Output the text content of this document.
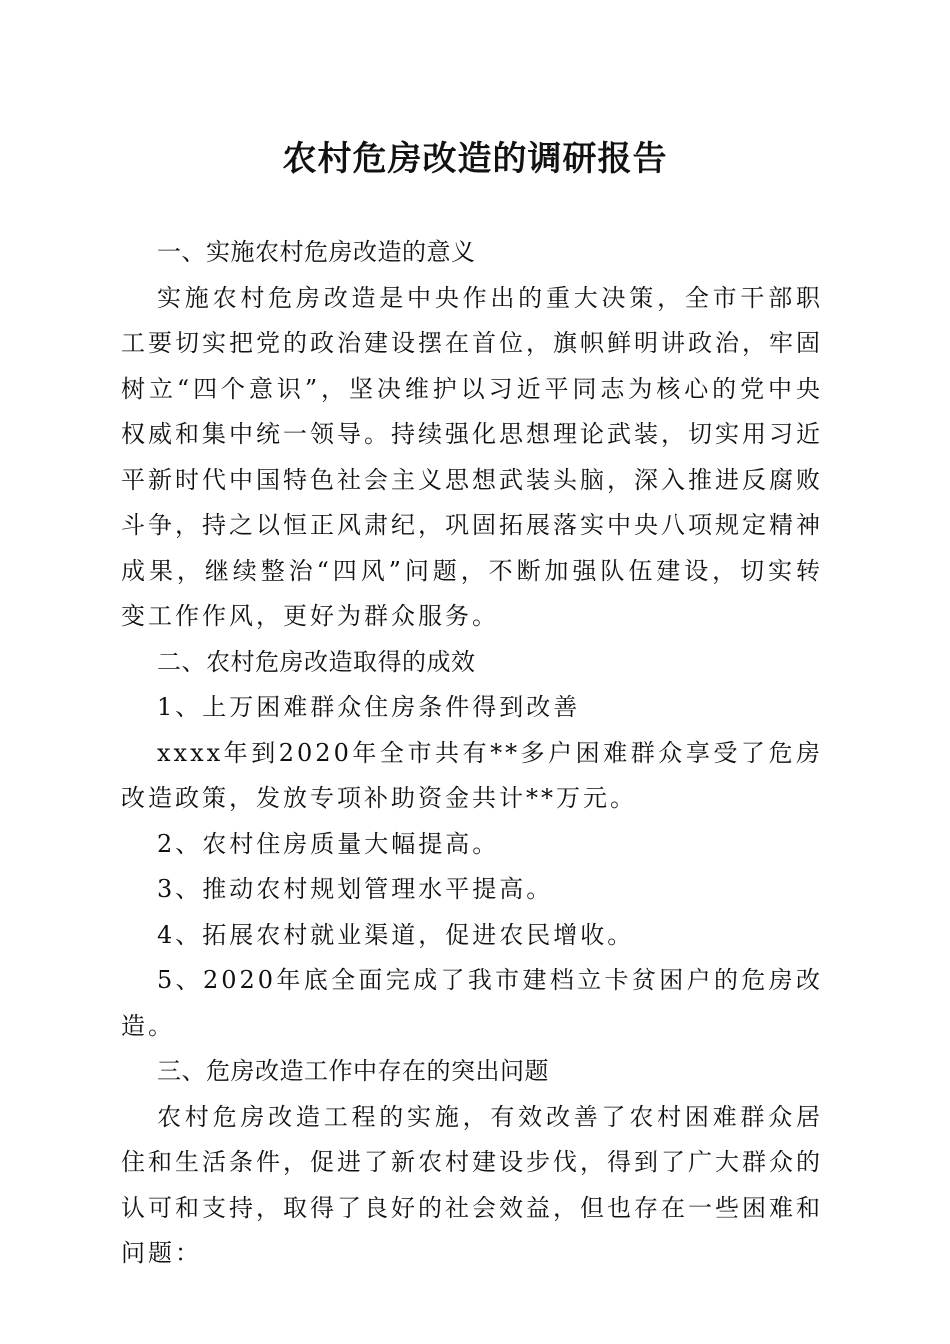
农村危房改造的调研报告

一、实施农村危房改造的意义

实施农村危房改造是中央作出的重大决策，全市干部职工要切实把党的政治建设摆在首位，旗帜鲜明讲政治，牢固树立“四个意识”，坚决维护以习近平同志为核心的党中央权威和集中统一领导。持续强化思想理论武装，切实用习近平新时代中国特色社会主义思想武装头脑，深入推进反腐败斗争，持之以恒正风肃纪，巩固拓展落实中央八项规定精神成果，继续整治“四风”问题，不断加强队伍建设，切实转变工作作风，更好为群众服务。

二、农村危房改造取得的成效

1、上万困难群众住房条件得到改善

xxxx年到2020年全市共有**多户困难群众享受了危房改造政策，发放专项补助资金共计**万元。

2、农村住房质量大幅提高。

3、推动农村规划管理水平提高。

4、拓展农村就业渠道，促进农民增收。

5、2020年底全面完成了我市建档立卡贫困户的危房改造。

三、危房改造工作中存在的突出问题

农村危房改造工程的实施，有效改善了农村困难群众居住和生活条件，促进了新农村建设步伐，得到了广大群众的认可和支持，取得了良好的社会效益，但也存在一些困难和问题：
